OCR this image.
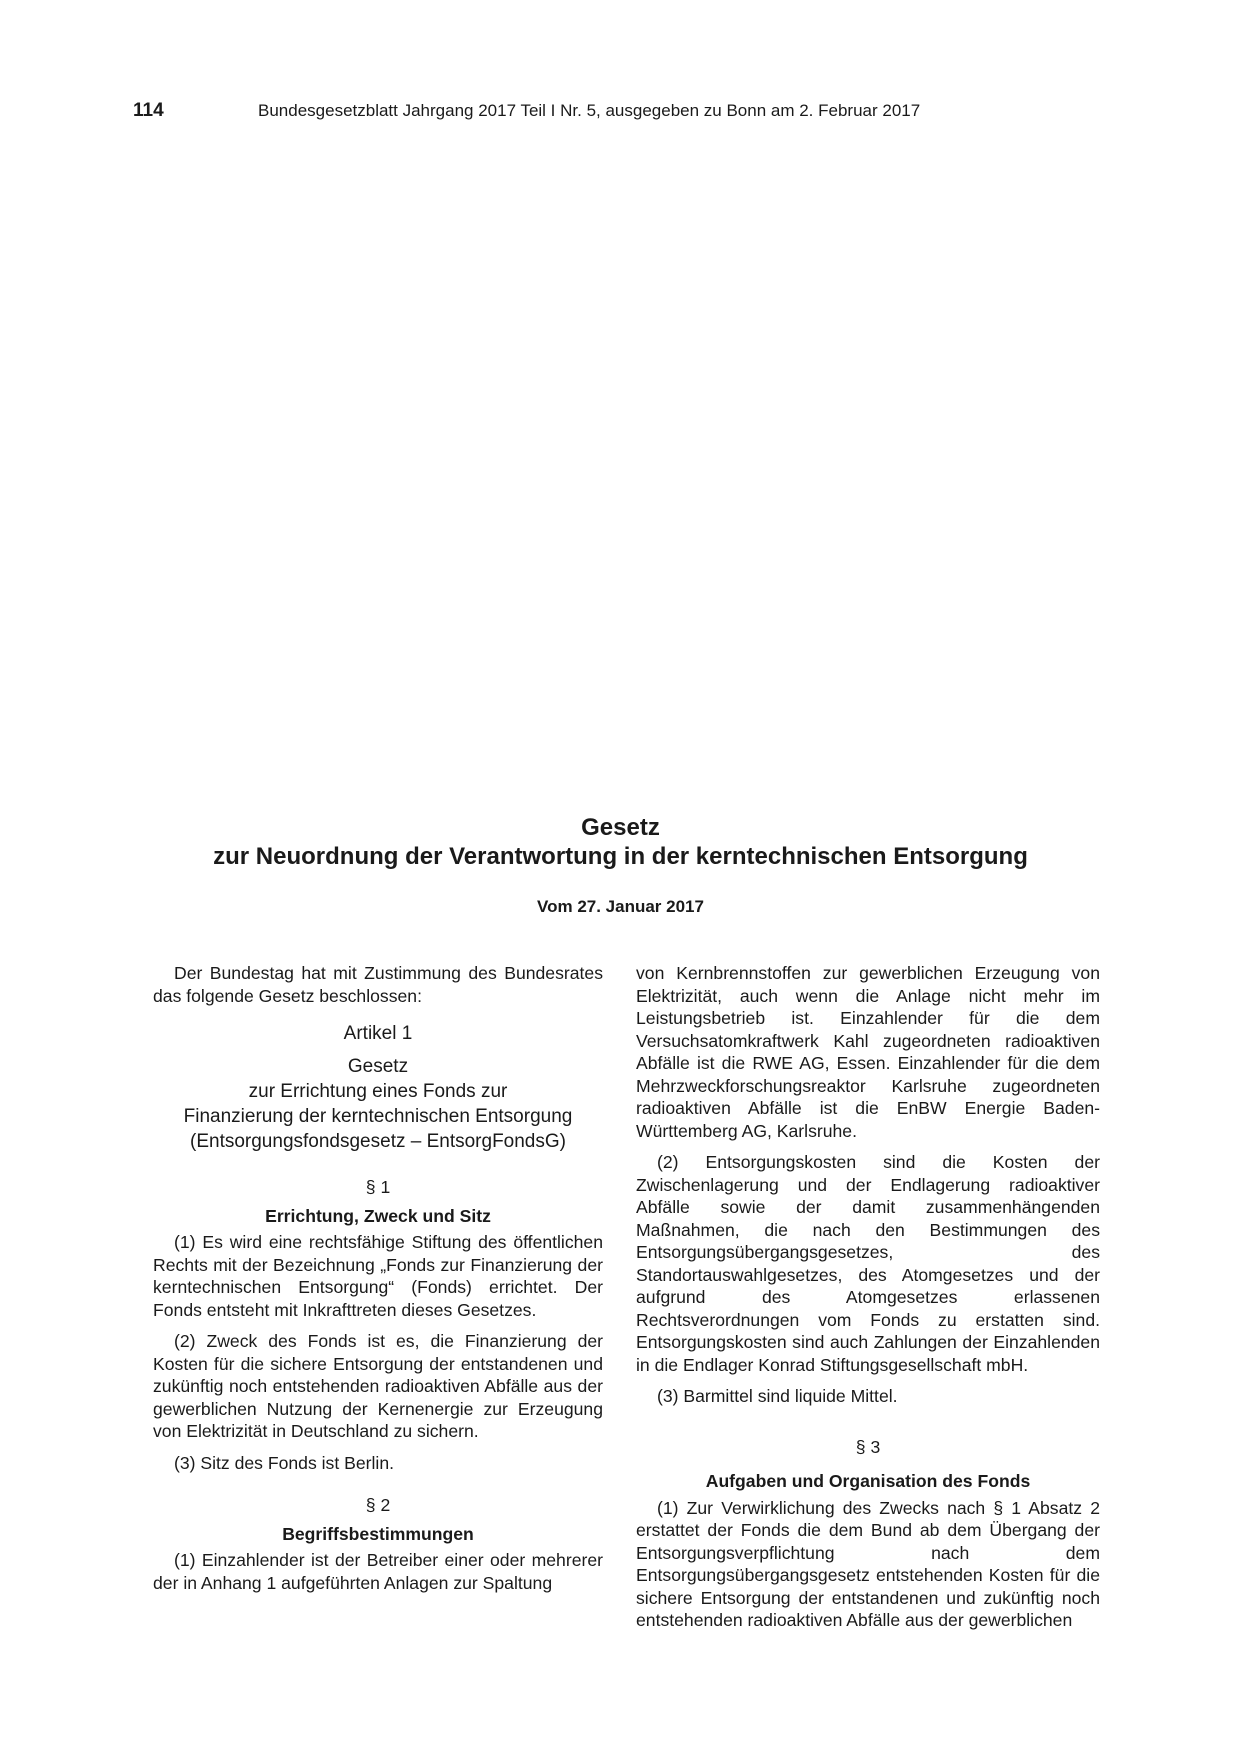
114	Bundesgesetzblatt Jahrgang 2017 Teil I Nr. 5, ausgegeben zu Bonn am 2. Februar 2017
Gesetz
zur Neuordnung der Verantwortung in der kerntechnischen Entsorgung
Vom 27. Januar 2017

Der Bundestag hat mit Zustimmung des Bundesrates das folgende Gesetz beschlossen:

Artikel 1
Gesetz
zur Errichtung eines Fonds zur
Finanzierung der kerntechnischen Entsorgung
(Entsorgungsfondsgesetz – EntsorgFondsG)
§ 1
Errichtung, Zweck und Sitz

(1) Es wird eine rechtsfähige Stiftung des öffentlichen Rechts mit der Bezeichnung „Fonds zur Finanzierung der kerntechnischen Entsorgung“ (Fonds) errichtet. Der Fonds entsteht mit Inkrafttreten dieses Gesetzes.

(2) Zweck des Fonds ist es, die Finanzierung der Kosten für die sichere Entsorgung der entstandenen und zukünftig noch entstehenden radioaktiven Abfälle aus der gewerblichen Nutzung der Kernenergie zur Erzeugung von Elektrizität in Deutschland zu sichern.

(3) Sitz des Fonds ist Berlin.

§ 2
Begriffsbestimmungen

(1) Einzahlender ist der Betreiber einer oder mehrerer der in Anhang 1 aufgeführten Anlagen zur Spaltung

von Kernbrennstoffen zur gewerblichen Erzeugung von Elektrizität, auch wenn die Anlage nicht mehr im Leistungsbetrieb ist. Einzahlender für die dem Versuchsatomkraftwerk Kahl zugeordneten radioaktiven Abfälle ist die RWE AG, Essen. Einzahlender für die dem Mehrzweckforschungsreaktor Karlsruhe zugeordneten radioaktiven Abfälle ist die EnBW Energie Baden-Württemberg AG, Karlsruhe.

(2) Entsorgungskosten sind die Kosten der Zwischenlagerung und der Endlagerung radioaktiver Abfälle sowie der damit zusammenhängenden Maßnahmen, die nach den Bestimmungen des Entsorgungsübergangsgesetzes, des Standortauswahlgesetzes, des Atomgesetzes und der aufgrund des Atomgesetzes erlassenen Rechtsverordnungen vom Fonds zu erstatten sind. Entsorgungskosten sind auch Zahlungen der Einzahlenden in die Endlager Konrad Stiftungsgesellschaft mbH.

(3) Barmittel sind liquide Mittel.

§ 3
Aufgaben und Organisation des Fonds

(1) Zur Verwirklichung des Zwecks nach § 1 Absatz 2 erstattet der Fonds die dem Bund ab dem Übergang der Entsorgungsverpflichtung nach dem Entsorgungsübergangsgesetz entstehenden Kosten für die sichere Entsorgung der entstandenen und zukünftig noch entstehenden radioaktiven Abfälle aus der gewerblichen
